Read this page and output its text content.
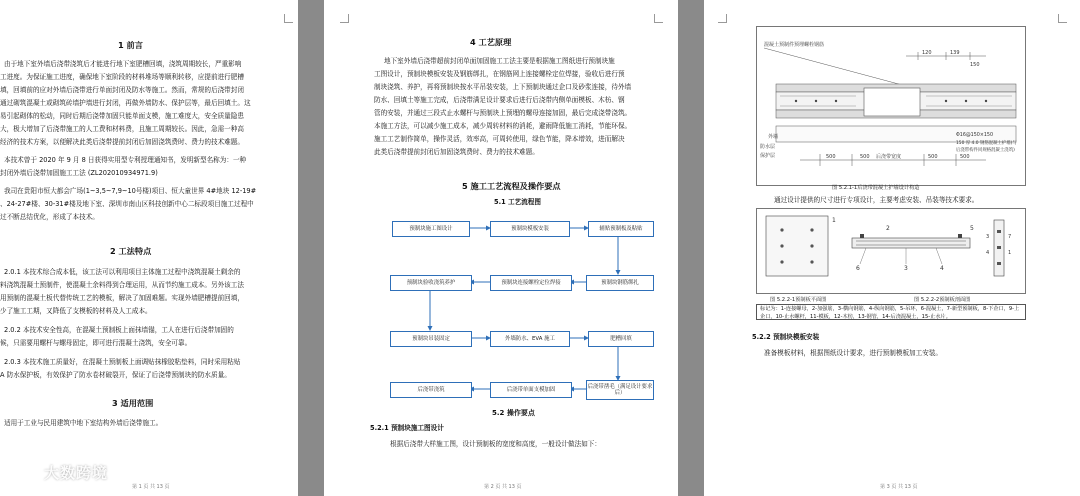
1 前言
由于地下室外墙后浇带浇筑后才能进行地下室肥槽回填，浇筑周期较长，严重影响
工进度。为保证施工进度，确保地下室阶段的材料堆场等顺利转移，应提前进行肥槽
填，回填前的应对外墙后浇带进行单面封闭及防水等施工。然而，常规的后浇带封闭
通过砌筑混凝土或砌筑砖墙护墙进行封闭，再做外墙防水、保护层等，最后回填土。这
易引起砌体的松动，同时后期后浇带加固只能单面支模，施工难度大，安全质量隐患
大，极大增加了后浇带施工的人工费和材料费，且施工周期较长。因此，急需一种高
经济的技术方案，以便解决此类后浇带提前封闭后加固浇筑费时、费力的技术难题。
本技术曾于 2020 年 9 月 8 日获得实用型专利授理通知书，发明新型名称为：一种
封闭外墙后浇带加固施工工法 (ZL202010934971.9)
我司在贵阳市恒大都会广场(1~3,5~7,9~10号楼)项目、恒大童世界 4#地块 12-19#
、24-27#楼、30-31#楼及地下室、深圳市南山区科技创新中心二标段项目施工过程中
过不断总结优化，形成了本技术。
2 工法特点
2.0.1 本技术综合成本低，该工法可以利用项目主体施工过程中浇筑混凝土剩余的
料浇筑混凝土预制件，使混凝土余料得到合理运用，从而节约施工成本。另外该工法
用预制的混凝土板代替传统工艺的模板，解决了加固难题。实现外墙肥槽提前回填，
少了施工工期，又降低了支模板的材料及人工成本。
2.0.2 本技术安全性高，在混凝土预制板上面抹墙锚，工人在进行后浇带加固的
候，只需要用螺杆与螺母固定，即可进行混凝土浇筑，安全可靠。
2.0.3 本技术施工质量好，在混凝土预制板上面调贴抹橡胶粘垫料，同时采用粘贴
A 防水保护板，有效保护了防水卷材破裂开，保证了后浇带预制块的防水质量。
3 适用范围
适用于工业与民用建筑中地下室结构外墙后浇带施工。
第 1 页 共 13 页
4 工艺原理
地下室外墙后浇带超前封闭单面加固施工工法主要是根据施工图纸进行预制块施
工图设计，预制块模板安装及钢筋绑扎，在钢筋网上连接螺栓定位焊接，验收后进行预
制块浇筑、养护，再将预制块按水平吊装安装，上下预制块通过企口及砂浆连接，待外墙
防水、回填土等施工完成，后浇带满足设计要求后进行后浇带内侧单面模板、木枋、钢
管的安装，并通过三段式止水螺杆与预制块上预埋的螺母连接加固，最后完成浇带浇筑。
本施工方法，可以减少施工成本，减少周转材料的消耗，避雨降低施工消耗，节能环保。
施工工艺制作简单，操作灵活，效率高，可周转使用，绿色节能，降本增效，进而解决
此类后浇带提前封闭后加固浇筑费时、费力的技术难题。
5 施工工艺流程及操作要点
5.1 工艺流程图
预制块施工图设计	预制块模板安装	辅贴预制板及粘贴
预制块钢筋绑扎
预制块连接螺栓定位焊接
预制块验收浇筑养护
预制块吊装固定	外墙防水、EVA 施工	肥槽回填
后浇带凿毛（满足设计要求后）
后浇带单面支模加固
后浇带浇筑
5.2 操作要点
5.2.1 预制块施工图设计
根据后浇带大样施工图，设计预制板的宽度和高度，一般设计做法如下：
第 2 页 共 13 页
混凝土预制件预埋螺栓钢筋
120	139
150
外墙
防水层
保护层	500	500 后浇带宽度	500	500
Φ16@150×150
150 厚 4.0 钢筋混凝土护墙(与
后浇带构件同规格混凝土浇筑)
图 5.2.1-1后浇带混凝土护墙设计构造
通过设计提供的尺寸进行专项设计，主要考虑安装、吊装等技术要求。
1
6	3	4
2	5
3
4
7
1
图 5.2.2-1预制板平面图	图 5.2.2-2预制板剖面图
标记为：1-连接螺母，2-加强筋，3-横向钢筋，4-纵向钢筋，5-吊环，6-混凝土，7-新型预制板，8-下企口，9-上企口，10-止水螺杆，11-模板，12-木枋，13-钢管，14-后浇混凝土，15-止水片。
5.2.2 预制块模板安装
准备模板材料，根据图纸设计要求，进行预制模板加工安装。
第 3 页 共 13 页
大数跨境
